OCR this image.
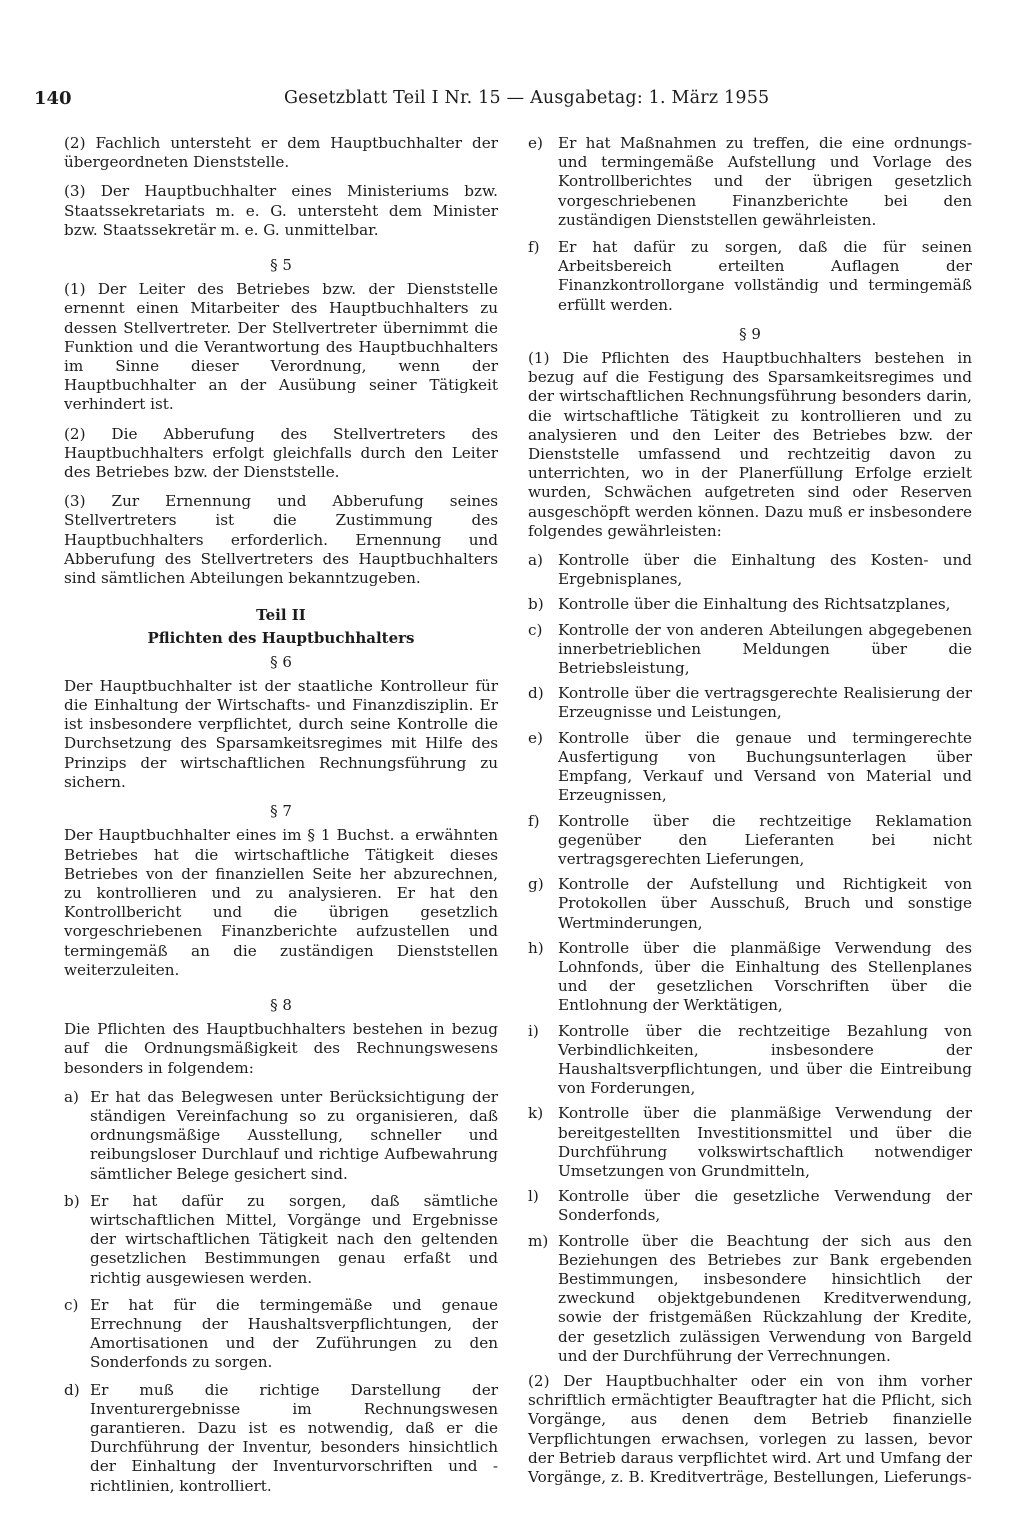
140	Gesetzblatt Teil I Nr. 15 — Ausgabetag: 1. März 1955

(2) Fachlich untersteht er dem Hauptbuchhalter der übergeordneten Dienststelle.

(3) Der Hauptbuchhalter eines Ministeriums bzw. Staatssekretariats m. e. G. untersteht dem Minister bzw. Staatssekretär m. e. G. unmittelbar.

§ 5

(1) Der Leiter des Betriebes bzw. der Dienststelle ernennt einen Mitarbeiter des Hauptbuchhalters zu dessen Stellvertreter. Der Stellvertreter übernimmt die Funktion und die Verantwortung des Hauptbuchhalters im Sinne dieser Verordnung, wenn der Hauptbuchhalter an der Ausübung seiner Tätigkeit verhindert ist.

(2) Die Abberufung des Stellvertreters des Hauptbuchhalters erfolgt gleichfalls durch den Leiter des Betriebes bzw. der Dienststelle.

(3) Zur Ernennung und Abberufung seines Stellvertreters ist die Zustimmung des Hauptbuchhalters erforderlich. Ernennung und Abberufung des Stellvertreters des Hauptbuchhalters sind sämtlichen Abteilungen bekanntzugeben.

Teil II
Pflichten des Hauptbuchhalters
§ 6

Der Hauptbuchhalter ist der staatliche Kontrolleur für die Einhaltung der Wirtschafts- und Finanzdisziplin. Er ist insbesondere verpflichtet, durch seine Kontrolle die Durchsetzung des Sparsamkeitsregimes mit Hilfe des Prinzips der wirtschaftlichen Rechnungsführung zu sichern.

§ 7

Der Hauptbuchhalter eines im § 1 Buchst. a erwähnten Betriebes hat die wirtschaftliche Tätigkeit dieses Betriebes von der finanziellen Seite her abzurechnen, zu kontrollieren und zu analysieren. Er hat den Kontrollbericht und die übrigen gesetzlich vorgeschriebenen Finanzberichte aufzustellen und termingemäß an die zuständigen Dienststellen weiterzuleiten.

§ 8

Die Pflichten des Hauptbuchhalters bestehen in bezug auf die Ordnungsmäßigkeit des Rechnungswesens besonders in folgendem:

a) Er hat das Belegwesen unter Berücksichtigung der ständigen Vereinfachung so zu organisieren, daß ordnungsmäßige Ausstellung, schneller und reibungsloser Durchlauf und richtige Aufbewahrung sämtlicher Belege gesichert sind.
b) Er hat dafür zu sorgen, daß sämtliche wirtschaftlichen Mittel, Vorgänge und Ergebnisse der wirtschaftlichen Tätigkeit nach den geltenden gesetzlichen Bestimmungen genau erfaßt und richtig ausgewiesen werden.
c) Er hat für die termingemäße und genaue Errechnung der Haushaltsverpflichtungen, der Amortisationen und der Zuführungen zu den Sonderfonds zu sorgen.
d) Er muß die richtige Darstellung der Inventurergebnisse im Rechnungswesen garantieren. Dazu ist es notwendig, daß er die Durchführung der Inventur, besonders hinsichtlich der Einhaltung der Inventurvorschriften und -richtlinien, kontrolliert.
e) Er hat Maßnahmen zu treffen, die eine ordnungs- und termingemäße Aufstellung und Vorlage des Kontrollberichtes und der übrigen gesetzlich vorgeschriebenen Finanzberichte bei den zuständigen Dienststellen gewährleisten.
f)	Er hat dafür zu sorgen, daß die für seinen Arbeitsbereich erteilten Auflagen der Finanzkontrollorgane vollständig und termingemäß erfüllt werden.
§ 9

(1) Die Pflichten des Hauptbuchhalters bestehen in bezug auf die Festigung des Sparsamkeitsregimes und der wirtschaftlichen Rechnungsführung besonders darin, die wirtschaftliche Tätigkeit zu kontrollieren und zu analysieren und den Leiter des Betriebes bzw. der Dienststelle umfassend und rechtzeitig davon zu unterrichten, wo in der Planerfüllung Erfolge erzielt wurden, Schwächen aufgetreten sind oder Reserven ausgeschöpft werden können. Dazu muß er insbesondere folgendes gewährleisten:

a) Kontrolle über die Einhaltung des Kosten- und Ergebnisplanes,
b) Kontrolle über die Einhaltung des Richtsatzplanes,
c)	Kontrolle der von anderen Abteilungen abgegebenen innerbetrieblichen Meldungen über die Betriebsleistung,
d) Kontrolle über die vertragsgerechte Realisierung der Erzeugnisse und Leistungen,
e) Kontrolle über die genaue und termingerechte Ausfertigung von Buchungsunterlagen über Empfang, Verkauf und Versand von Material und Erzeugnissen,
f)	Kontrolle über die rechtzeitige Reklamation gegenüber den Lieferanten bei nicht vertragsgerechten Lieferungen,
g) Kontrolle der Aufstellung und Richtigkeit von Protokollen über Ausschuß, Bruch und sonstige Wertminderungen,
h) Kontrolle über die planmäßige Verwendung des Lohnfonds, über die Einhaltung des Stellenplanes und der gesetzlichen Vorschriften über die Entlohnung der Werktätigen,
i)	Kontrolle über die rechtzeitige Bezahlung von Verbindlichkeiten, insbesondere der Haushaltsverpflichtungen, und über die Eintreibung von Forderungen,
k) Kontrolle über die planmäßige Verwendung der bereitgestellten Investitionsmittel und über die Durchführung volkswirtschaftlich notwendiger Umsetzungen von Grundmitteln,
l)	Kontrolle über die gesetzliche Verwendung der Sonderfonds,
m) Kontrolle über die Beachtung der sich aus den Beziehungen des Betriebes zur Bank ergebenden Bestimmungen, insbesondere hinsichtlich der zweckund objektgebundenen Kreditverwendung, sowie der fristgemäßen Rückzahlung der Kredite, der gesetzlich zulässigen Verwendung von Bargeld und der Durchführung der Verrechnungen.

(2) Der Hauptbuchhalter oder ein von ihm vorher schriftlich ermächtigter Beauftragter hat die Pflicht, sich Vorgänge, aus denen dem Betrieb finanzielle Verpflichtungen erwachsen, vorlegen zu lassen, bevor der Betrieb daraus verpflichtet wird. Art und Umfang der Vorgänge, z. B. Kreditverträge, Bestellungen, Lieferungs-
